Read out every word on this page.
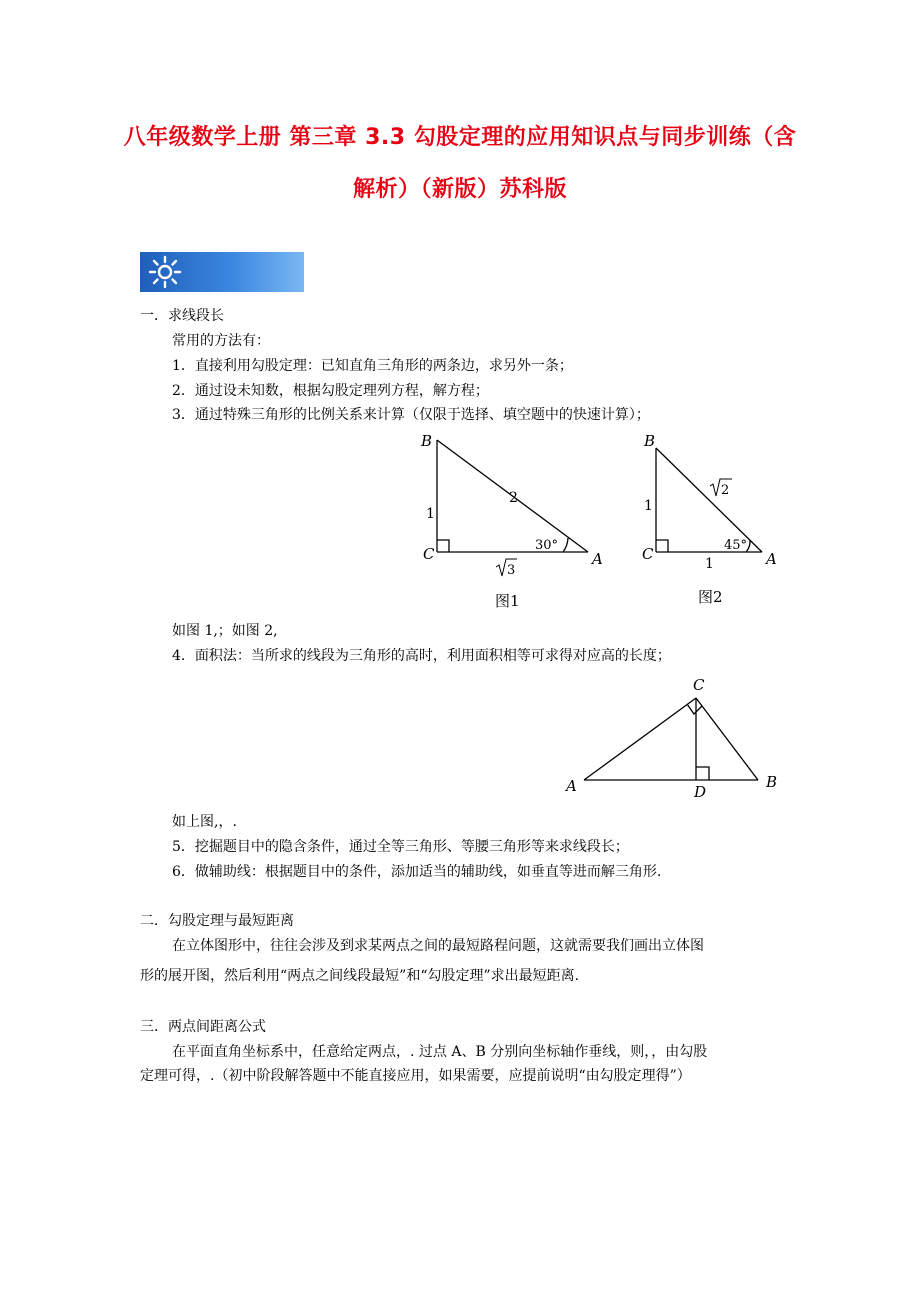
八年级数学上册 第三章 3.3 勾股定理的应用知识点与同步训练（含
解析）（新版）苏科版
一．求线段长
常用的方法有：
1．直接利用勾股定理：已知直角三角形的两条边，求另外一条；
2．通过设未知数，根据勾股定理列方程，解方程；
3．通过特殊三角形的比例关系来计算（仅限于选择、填空题中的快速计算）；
B
C	A
1
2
30°
3
图1
B
C	A
1
2
45°
1
图2
如图 1,；如图 2,
4．面积法：当所求的线段为三角形的高时，利用面积相等可求得对应高的长度；
C
A	B
D
如上图,，.
5．挖掘题目中的隐含条件，通过全等三角形、等腰三角形等来求线段长；
6．做辅助线：根据题目中的条件，添加适当的辅助线，如垂直等进而解三角形.
二．勾股定理与最短距离
在立体图形中，往往会涉及到求某两点之间的最短路程问题，这就需要我们画出立体图
形的展开图，然后利用“两点之间线段最短”和“勾股定理”求出最短距离.
三．两点间距离公式
在平面直角坐标系中，任意给定两点，. 过点 A、B 分别向坐标轴作垂线，则，，由勾股
定理可得，.（初中阶段解答题中不能直接应用，如果需要，应提前说明“由勾股定理得”）
